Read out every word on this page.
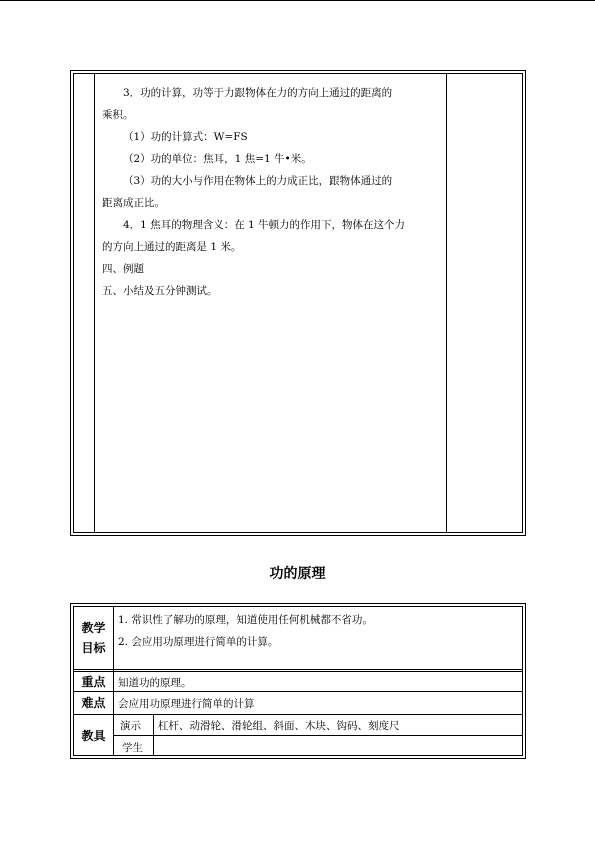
3．功的计算，功等于力跟物体在力的方向上通过的距离的

乘积。

（1）功的计算式：W=FS

（2）功的单位：焦耳，1 焦=1 牛•米。

（3）功的大小与作用在物体上的力成正比，跟物体通过的

距离成正比。

4．1 焦耳的物理含义：在 1 牛顿力的作用下，物体在这个力

的方向上通过的距离是 1 米。

四、例题

五、小结及五分钟测试。

功的原理
教学
目标
1. 常识性了解功的原理，知道使用任何机械都不省功。
2. 会应用功原理进行简单的计算。
重点	知道功的原理。
难点	会应用功原理进行简单的计算
教具
演示 杠杆、动滑轮、滑轮组、斜面、木块、钩码、刻度尺
学生
